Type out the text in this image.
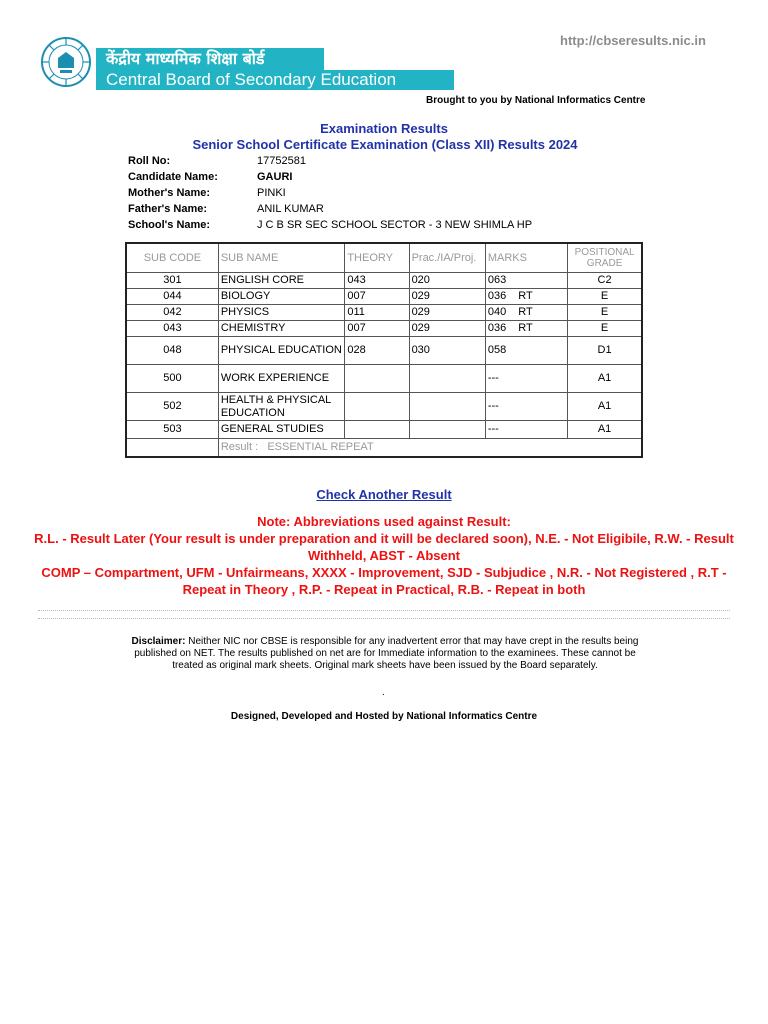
http://cbseresults.nic.in
केंद्रीय माध्यमिक शिक्षा बोर्ड
Central Board of Secondary Education
Brought to you by National Informatics Centre
Examination Results
Senior School Certificate Examination (Class XII) Results 2024
Roll No:	17752581
Candidate Name:	GAURI
Mother's Name:	PINKI
Father's Name:	ANIL KUMAR
School's Name:	J C B SR SEC SCHOOL SECTOR - 3 NEW SHIMLA HP
SUB CODE	SUB NAME	THEORY	Prac./IA/Proj.	MARKS	POSITIONAL GRADE
301	ENGLISH CORE	043	020	063	C2
044	BIOLOGY	007	029	036 RT	E
042	PHYSICS	011	029	040 RT	E
043	CHEMISTRY	007	029	036 RT	E
048	PHYSICAL EDUCATION	028	030	058	D1
500	WORK EXPERIENCE			---	A1
502	HEALTH & PHYSICAL EDUCATION			---	A1
503	GENERAL STUDIES			---	A1
	Result : ESSENTIAL REPEAT				
Check Another Result
Note: Abbreviations used against Result:
R.L. - Result Later (Your result is under preparation and it will be declared soon), N.E. - Not Eligibile, R.W. - Result Withheld, ABST - Absent
COMP – Compartment, UFM - Unfairmeans, XXXX - Improvement, SJD - Subjudice , N.R. - Not Registered , R.T - Repeat in Theory , R.P. - Repeat in Practical, R.B. - Repeat in both
Disclaimer: Neither NIC nor CBSE is responsible for any inadvertent error that may have crept in the results being published on NET. The results published on net are for Immediate information to the examinees. These cannot be treated as original mark sheets. Original mark sheets have been issued by the Board separately.
.
Designed, Developed and Hosted by National Informatics Centre
